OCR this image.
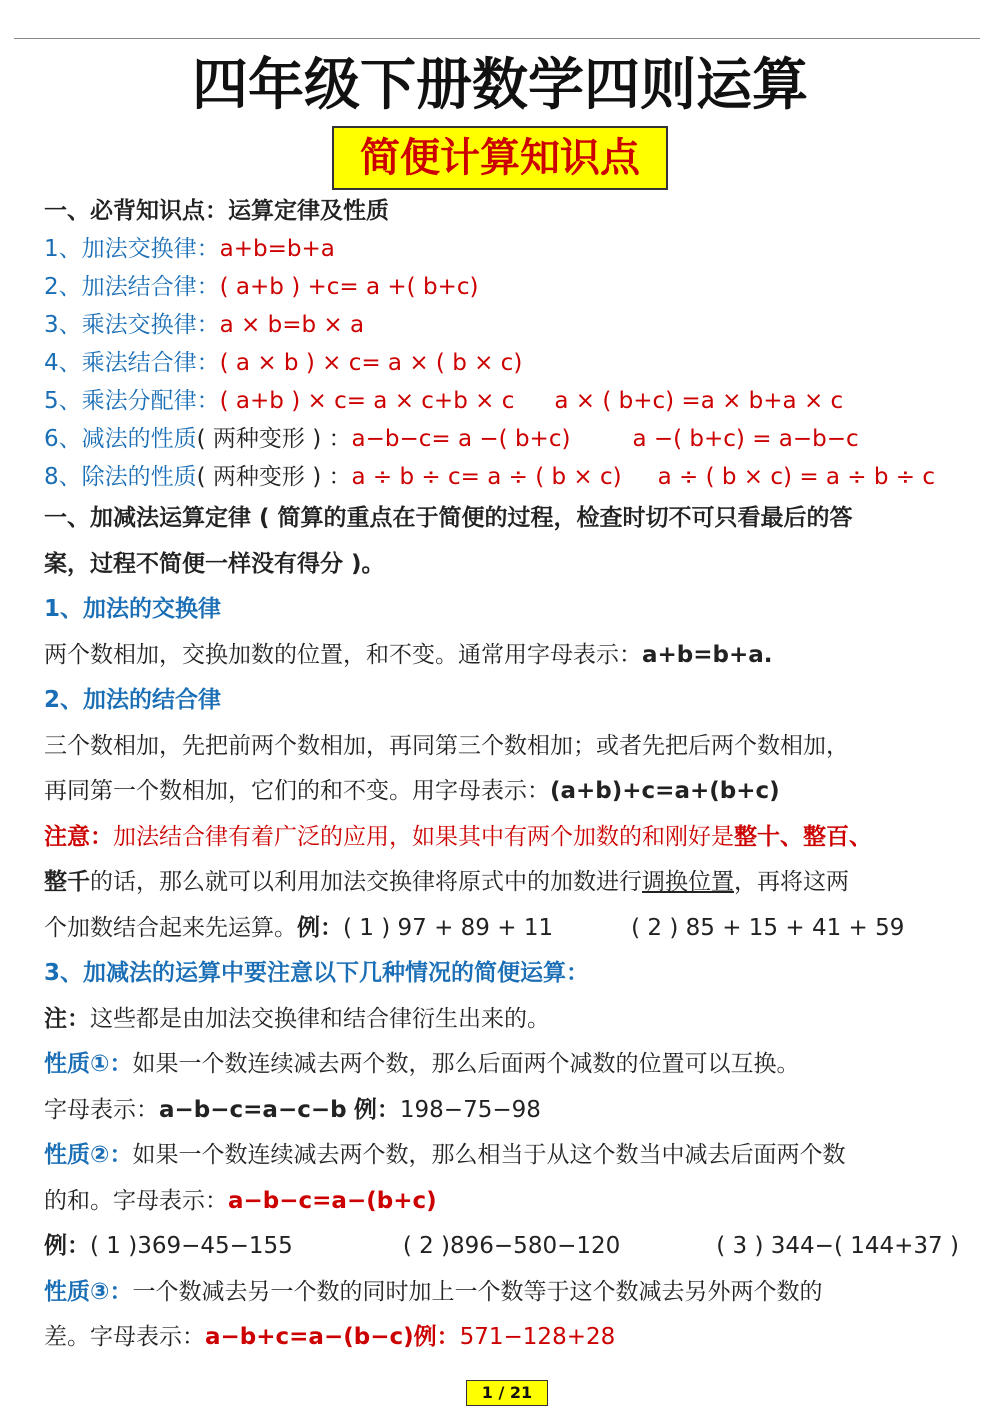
四年级下册数学四则运算
简便计算知识点
一、必背知识点：运算定律及性质
1、加法交换律：a+b=b+a
2、加法结合律：( a+b ) +c= a +( b+c)
3、乘法交换律：a × b=b × a
4、乘法结合律：( a × b ) × c= a × ( b × c)
5、乘法分配律：( a+b ) × c= a × c+b × c a × ( b+c) =a × b+a × c
6、减法的性质( 两种变形 ) ：a−b−c= a −( b+c)	a −( b+c) = a−b−c
8、除法的性质( 两种变形 ) ：a ÷ b ÷ c= a ÷ ( b × c) a ÷ ( b × c) = a ÷ b ÷ c
一、加减法运算定律 ( 简算的重点在于简便的过程，检查时切不可只看最后的答
案，过程不简便一样没有得分 )。
1、加法的交换律
两个数相加，交换加数的位置，和不变。通常用字母表示：a+b=b+a.
2、加法的结合律
三个数相加，先把前两个数相加，再同第三个数相加；或者先把后两个数相加，
再同第一个数相加，它们的和不变。用字母表示：(a+b)+c=a+(b+c)
注意：加法结合律有着广泛的应用，如果其中有两个加数的和刚好是整十、整百、
整千的话，那么就可以利用加法交换律将原式中的加数进行调换位置，再将这两
个加数结合起来先运算。例：( 1 ) 97 + 89 + 11	( 2 ) 85 + 15 + 41 + 59
3、加减法的运算中要注意以下几种情况的简便运算：
注：这些都是由加法交换律和结合律衍生出来的。
性质①：如果一个数连续减去两个数，那么后面两个减数的位置可以互换。
字母表示：a−b−c=a−c−b 例：198−75−98
性质②：如果一个数连续减去两个数，那么相当于从这个数当中减去后面两个数
的和。字母表示：a−b−c=a−(b+c)
例：( 1 )369−45−155	( 2 )896−580−120	( 3 ) 344−( 144+37 )
性质③：一个数减去另一个数的同时加上一个数等于这个数减去另外两个数的
差。字母表示：a−b+c=a−(b−c)例：571−128+28
1 / 21
